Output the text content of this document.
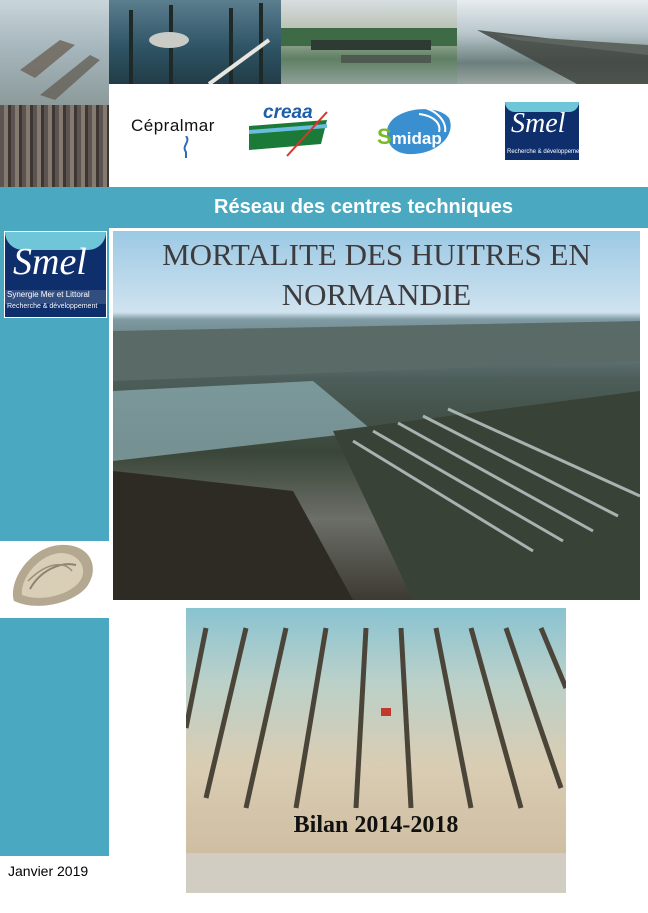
Cépralmar
creaa
Smidap Smel
Recherche & développement
Réseau des centres techniques
Smel
Synergie Mer et Littoral
Recherche & développement
MORTALITE DES HUITRES EN
NORMANDIE
Bilan 2014-2018
Janvier 2019
